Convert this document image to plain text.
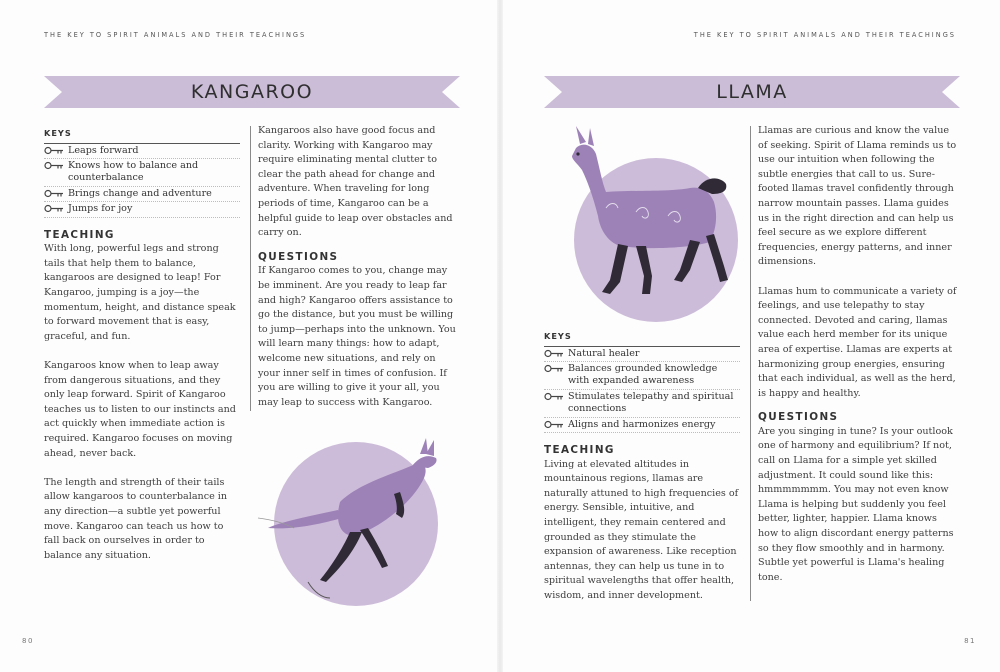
THE KEY TO SPIRIT ANIMALS AND THEIR TEACHINGS
KANGAROO
KEYS
Leaps forward
Knows how to balance and counterbalance
Brings change and adventure
Jumps for joy
TEACHING

With long, powerful legs and strong tails that help them to balance, kangaroos are designed to leap! For Kangaroo, jumping is a joy—the momentum, height, and distance speak to forward movement that is easy, graceful, and fun.

Kangaroos know when to leap away from dangerous situations, and they only leap forward. Spirit of Kangaroo teaches us to listen to our instincts and act quickly when immediate action is required. Kangaroo focuses on moving ahead, never back.

The length and strength of their tails allow kangaroos to counterbalance in any direction—a subtle yet powerful move. Kangaroo can teach us how to fall back on ourselves in order to balance any situation.

Kangaroos also have good focus and clarity. Working with Kangaroo may require eliminating mental clutter to clear the path ahead for change and adventure. When traveling for long periods of time, Kangaroo can be a helpful guide to leap over obstacles and carry on.

QUESTIONS

If Kangaroo comes to you, change may be imminent. Are you ready to leap far and high? Kangaroo offers assistance to go the distance, but you must be willing to jump—perhaps into the unknown. You will learn many things: how to adapt, welcome new situations, and rely on your inner self in times of confusion. If you are willing to give it your all, you may leap to success with Kangaroo.

80
THE KEY TO SPIRIT ANIMALS AND THEIR TEACHINGS
LLAMA
KEYS
Natural healer
Balances grounded knowledge with expanded awareness
Stimulates telepathy and spiritual connections
Aligns and harmonizes energy
TEACHING

Living at elevated altitudes in mountainous regions, llamas are naturally attuned to high frequencies of energy. Sensible, intuitive, and intelligent, they remain centered and grounded as they stimulate the expansion of awareness. Like reception antennas, they can help us tune in to spiritual wavelengths that offer health, wisdom, and inner development.

Llamas are curious and know the value of seeking. Spirit of Llama reminds us to use our intuition when following the subtle energies that call to us. Sure-footed llamas travel confidently through narrow mountain passes. Llama guides us in the right direction and can help us feel secure as we explore different frequencies, energy patterns, and inner dimensions.

Llamas hum to communicate a variety of feelings, and use telepathy to stay connected. Devoted and caring, llamas value each herd member for its unique area of expertise. Llamas are experts at harmonizing group energies, ensuring that each individual, as well as the herd, is happy and healthy.

QUESTIONS

Are you singing in tune? Is your outlook one of harmony and equilibrium? If not, call on Llama for a simple yet skilled adjustment. It could sound like this: hmmmmmmm. You may not even know Llama is helping but suddenly you feel better, lighter, happier. Llama knows how to align discordant energy patterns so they flow smoothly and in harmony. Subtle yet powerful is Llama's healing tone.

81
